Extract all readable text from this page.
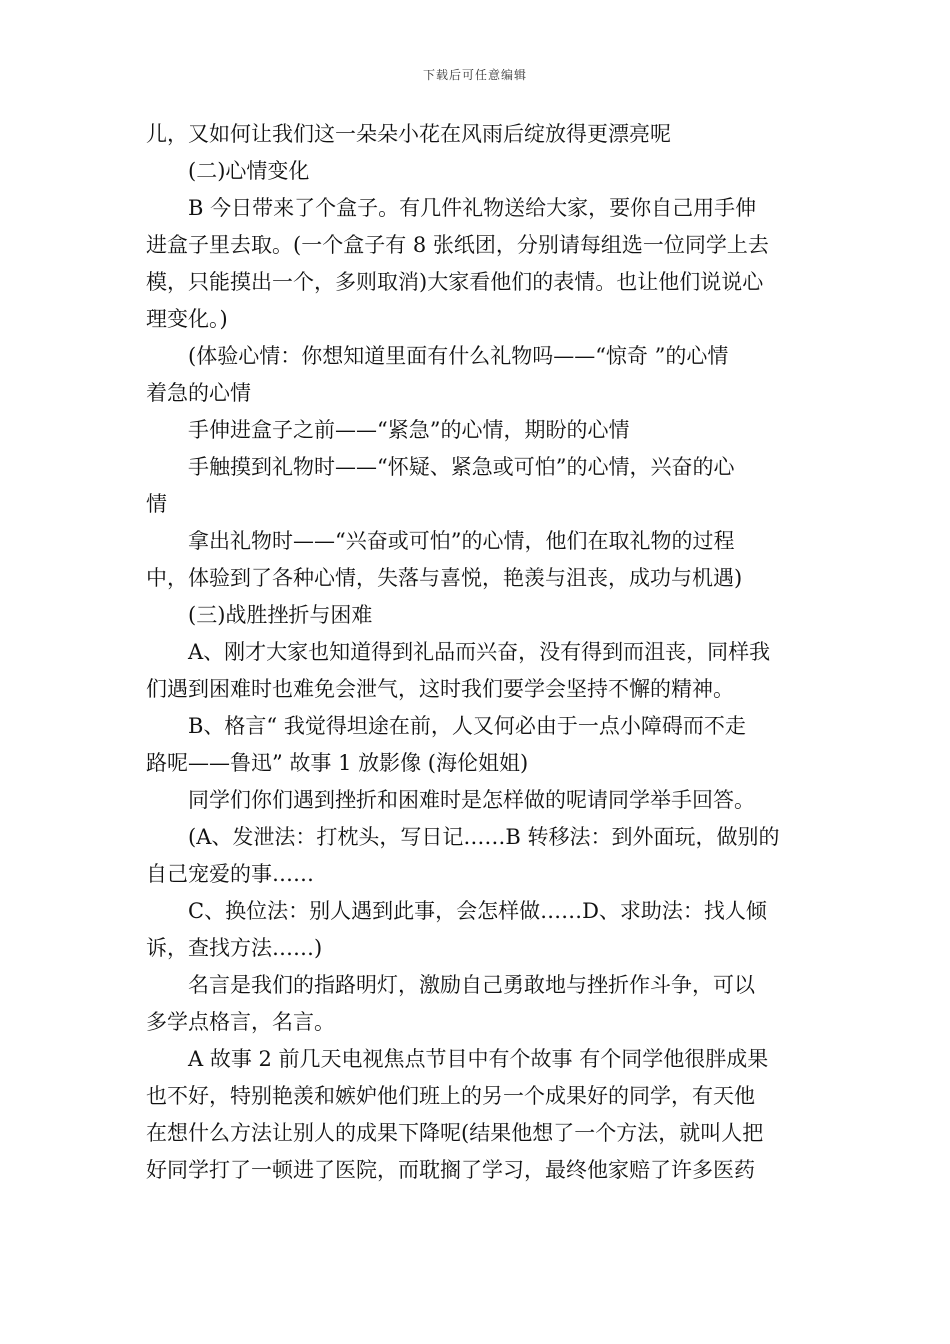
下载后可任意编辑
儿，又如何让我们这一朵朵小花在风雨后绽放得更漂亮呢
(二)心情变化
B 今日带来了个盒子。有几件礼物送给大家，要你自己用手伸
进盒子里去取。(一个盒子有 8 张纸团，分别请每组选一位同学上去
模，只能摸出一个，多则取消)大家看他们的表情。也让他们说说心
理变化。)
(体验心情：你想知道里面有什么礼物吗——“惊奇 ”的心情
着急的心情
手伸进盒子之前——“紧急”的心情，期盼的心情
手触摸到礼物时——“怀疑、紧急或可怕”的心情，兴奋的心
情
拿出礼物时——“兴奋或可怕”的心情，他们在取礼物的过程
中，体验到了各种心情，失落与喜悦，艳羡与沮丧，成功与机遇)
(三)战胜挫折与困难
A、刚才大家也知道得到礼品而兴奋，没有得到而沮丧，同样我
们遇到困难时也难免会泄气，这时我们要学会坚持不懈的精神。
B、格言“ 我觉得坦途在前，人又何必由于一点小障碍而不走
路呢——鲁迅” 故事 1 放影像 (海伦姐姐)
同学们你们遇到挫折和困难时是怎样做的呢请同学举手回答。
(A、发泄法：打枕头，写日记……B 转移法：到外面玩，做别的
自己宠爱的事……
C、换位法：别人遇到此事，会怎样做……D、求助法：找人倾
诉，查找方法……)
名言是我们的指路明灯，激励自己勇敢地与挫折作斗争，可以
多学点格言，名言。
A 故事 2 前几天电视焦点节目中有个故事 有个同学他很胖成果
也不好，特别艳羡和嫉妒他们班上的另一个成果好的同学，有天他
在想什么方法让别人的成果下降呢(结果他想了一个方法，就叫人把
好同学打了一顿进了医院，而耽搁了学习，最终他家赔了许多医药
